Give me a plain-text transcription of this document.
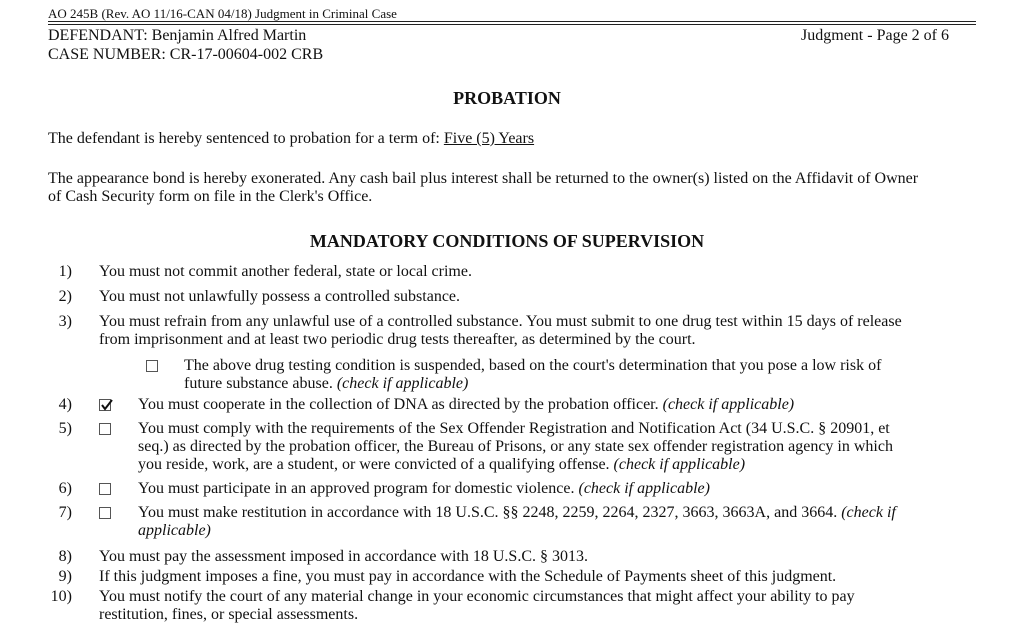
AO 245B (Rev. AO 11/16-CAN 04/18) Judgment in Criminal Case
DEFENDANT: Benjamin Alfred Martin
CASE NUMBER: CR-17-00604-002 CRB
Judgment - Page 2 of 6
PROBATION
The defendant is hereby sentenced to probation for a term of: Five (5) Years
The appearance bond is hereby exonerated. Any cash bail plus interest shall be returned to the owner(s) listed on the Affidavit of Owner
of Cash Security form on file in the Clerk's Office.
MANDATORY CONDITIONS OF SUPERVISION
1) You must not commit another federal, state or local crime.
2) You must not unlawfully possess a controlled substance.
3) You must refrain from any unlawful use of a controlled substance. You must submit to one drug test within 15 days of release
from imprisonment and at least two periodic drug tests thereafter, as determined by the court.
The above drug testing condition is suspended, based on the court's determination that you pose a low risk of
future substance abuse. (check if applicable)
4)	You must cooperate in the collection of DNA as directed by the probation officer. (check if applicable)
5)	You must comply with the requirements of the Sex Offender Registration and Notification Act (34 U.S.C. § 20901, et
seq.) as directed by the probation officer, the Bureau of Prisons, or any state sex offender registration agency in which
you reside, work, are a student, or were convicted of a qualifying offense. (check if applicable)
6)	You must participate in an approved program for domestic violence. (check if applicable)
7)	You must make restitution in accordance with 18 U.S.C. §§ 2248, 2259, 2264, 2327, 3663, 3663A, and 3664. (check if
applicable)
8) You must pay the assessment imposed in accordance with 18 U.S.C. § 3013.
9) If this judgment imposes a fine, you must pay in accordance with the Schedule of Payments sheet of this judgment.
10) You must notify the court of any material change in your economic circumstances that might affect your ability to pay
restitution, fines, or special assessments.
